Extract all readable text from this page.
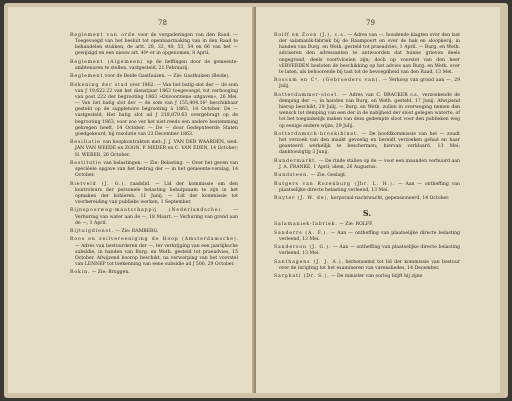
78

Reglement van orde voor de vergaderingen van den Raad. — Toegevoegd van het besluit tot openbaarmaking van in den Raad te behandelen stukken, de artt. 28, 32, 40, 53, 54 en 66 van het — gewijzigd en een nieuw art. 49ᵃ er in opgenomen, 8 April.

Reglement (Algemeen) op de heffingen door de gemeente-ambtenaren te stellen, vastgesteld, 21 Februarij.

Reglement voor de Beide Gasthuizen. — Zie: Gasthuizen (Beide).

Rekening der stad over 1862. — Van het batig slot der — de som van ƒ 19,622.22 van het dienstjaar 1863 toegevoegd, tot verhooging van post 222 der begrooting 1863 »Onvoorziene uitgaven«, 26 Mei. — Van het batig slot der — de som van ƒ 155,404.16¹ beschikbaar gesteld op de suppletoire begrooting à 1863, 14 October. De — vastgesteld, Het batig slot ad ƒ 218,879.63 overgebragt op de begrooting 1863, voor zoo ver het niet reeds een andere bestemming gekregen heeft, 14 October. — De — door Gedeputeerde Staten goedgekeurd, bij resolutie van 23 December 1863.

Resiliatie van koopkontrakten met: J. J. VAN DER WAARDEN, wed. JAN VAN WEEDE en ZOON, P. MEDER en C. VAN EDEN, 14 October; H. WEBER, 26 October.

Restitutie van belastingen. — Zie: Belasting. — Over het geven van speciéele opgave van het bedrag der — in het gemeente-verslag, 14 October.

Rietveld (J. G.), raadslid. — Lid der kommissie om den kontroleurs der personele belasting behulpzaam te zijn in het opmaken der kohieren, 11 Junij. — Lid der kommissie tot voorbereiding van publieke werken, 1 September.

Rijnspoorweg-maatschappij (Nederlandsche). — Verhuring van water aan de —, 18 Maart. — Verhuring van grond aan de —, 1 April.

Rijtuigdienst. — Zie: RAMBERG.

Roos en zeilvereeniging de Hoop (Amsterdamsche). — Adres van bestuurderen der —, ter verkrijging van een jaarlijksche subsidie, in handen van Burg. en Weth. gesteld tot praeadvies, 15 October. Afwijzend hoorop beschikt, na verwerping van het voorstel van LENNEP tot toekenning van eene subsidie ad ƒ 500, 29 October.

Rokin. — Zie: Bruggen.

79

Rolff en Zoon (J.), c.s. — Adres van —, houdende klagten over den last der salamanik-fabriek bij de Raampoort en over de hak en sloopkerij; in handen van Burg. en Weth. gesteld tot praeadvies, 1 April. — Burg. en Weth. adviseren den adressanten te antwoorden dat hunne grieven deels ongegrond, deels voortvloeien zijn; doch op voorstel van den heer vERVERDEN besloten de beschikking op het advies aan Burg. en Weth. over te laten, als behoorende bij tast tot de bevoegdheid van den Raad, 13 Mei.

Rossum en Cᵉ. (Gebroeders van). — Verkoop van grond aan —, 29 Julij.

Rotterdammer-sloot. — Adres van C. BRACKER c.s., verzoekende de demping der —, in handen van Burg. en Weth. gesteld, 17 Junij. Afwijzend hierop beschikt, 29 Julij. — Burg. en Weth. zullen in overweging nemen den wensch tot demping van een der in de nabijheid der sloot gelegen waterte, of tot het toegankelijk maken van dezs gedempte sloot voor den publieken weg op eenige andere wijze, 29 Julij.

Rotterdamsch-brookibinet. — De hoofdkommissie van het — zoudt het verzoek van den maakt gevoelig en bereidt verzoeken gehad en haar geanteerd werkelijk te beschermen; hiervan verklaard, 13 Mei; danktoezigtig 3 Junij.

Rundermarkt. — De rinde stallen op de — voor een maanden verhuurd aan J. A. FRANKE, 1 April; idem, 26 Augustus.

Rundsteen. — Zie: Geslagt.

Rutgers van Rozenburg (Jhr. L. H.). — Aan — ontheffing van plaatselijke directe belasting verleend, 13 Mei.

Ruyter (J. W. de), korporaal-nachtwacht, gepensioneerd, 14 October.

S.

Salamaniek-fabriek. — Zie: ROLFF.

Sanderrs (A. F.). — Aan — ontheffing van plaatselijke directe belasting verleend, 13 Mei.

Sanderson (J. G.). — Aan — ontheffing van plaatselijke directe belasting verleend, 13 Mei.

Santhagens (J. J. A.), herbenoemd tot lid der kommissie van bestuur over de inrigting tot het examineren van varensliedes, 14 December.

Sarphati (Dr. S.). — De minister van oorlog blijft bij zijne
